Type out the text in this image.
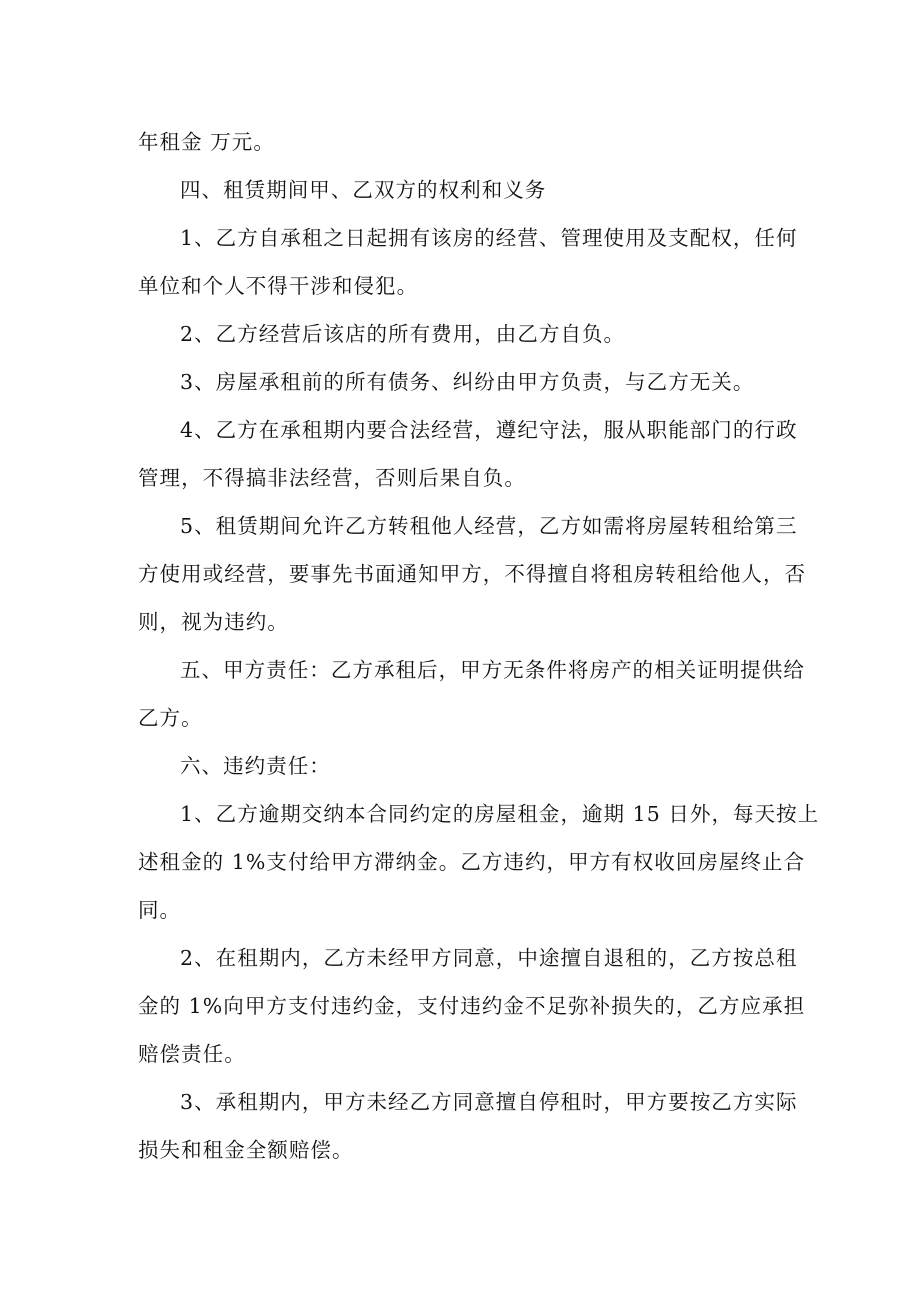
年租金 万元。
四、租赁期间甲、乙双方的权利和义务
1、乙方自承租之日起拥有该房的经营、管理使用及支配权，任何
单位和个人不得干涉和侵犯。
2、乙方经营后该店的所有费用，由乙方自负。
3、房屋承租前的所有债务、纠纷由甲方负责，与乙方无关。
4、乙方在承租期内要合法经营，遵纪守法，服从职能部门的行政
管理，不得搞非法经营，否则后果自负。
5、租赁期间允许乙方转租他人经营，乙方如需将房屋转租给第三
方使用或经营，要事先书面通知甲方，不得擅自将租房转租给他人，否
则，视为违约。
五、甲方责任：乙方承租后，甲方无条件将房产的相关证明提供给
乙方。
六、违约责任：
1、乙方逾期交纳本合同约定的房屋租金，逾期 15 日外，每天按上
述租金的 1%支付给甲方滞纳金。乙方违约，甲方有权收回房屋终止合
同。
2、在租期内，乙方未经甲方同意，中途擅自退租的，乙方按总租
金的 1%向甲方支付违约金，支付违约金不足弥补损失的，乙方应承担
赔偿责任。
3、承租期内，甲方未经乙方同意擅自停租时，甲方要按乙方实际
损失和租金全额赔偿。
